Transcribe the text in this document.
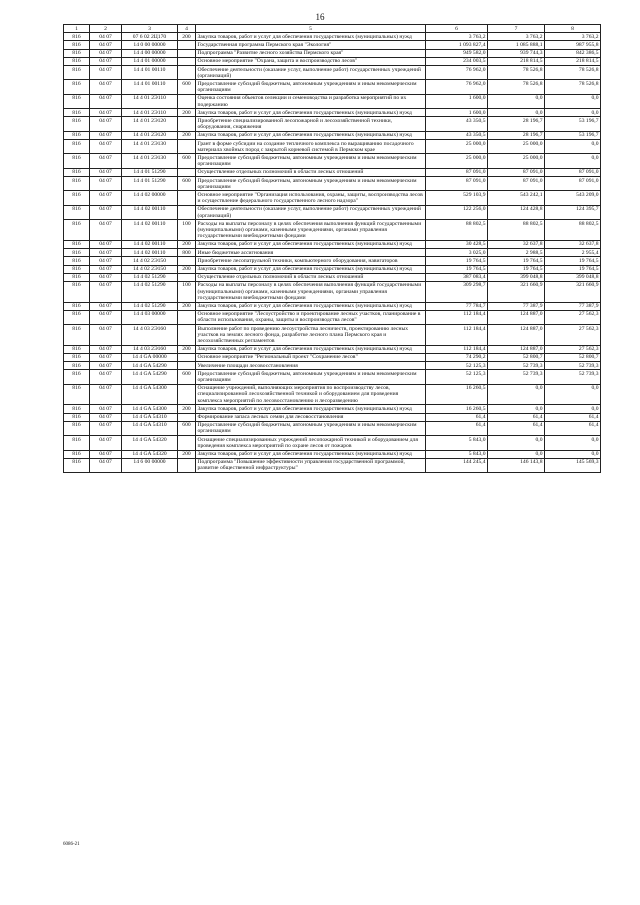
16
1	2	3	4	5	6	7	8
816	04 07	07 6 02 2Ц170	200	Закупка товаров, работ и услуг для обеспечения государственных (муниципальных) нужд	3 763,2	3 763,2	3 763,2
816	04 07	14 0 00 00000		Государственная программа Пермского края "Экология"	1 093 827,4	1 085 888,1	987 955,8
816	04 07	14 4 00 00000		Подпрограмма "Развитие лесного хозяйства Пермского края"	949 582,0	939 744,3	842 386,5
816	04 07	14 4 01 00000		Основное мероприятие "Охрана, защита и воспроизводство лесов"	234 003,5	218 814,5	218 814,5
816	04 07	14 4 01 00110		Обеспечение деятельности (оказание услуг, выполнение работ) государственных учреждений (организаций)	76 962,0	78 526,8	78 526,8
816	04 07	14 4 01 00110	600	Предоставление субсидий бюджетным, автономным учреждениям и иным некоммерческим организациям	76 962,0	78 526,8	78 526,8
816	04 07	14 4 01 2Э110		Оценка состояния объектов селекции и семеноводства и разработка мероприятий по их подержанию	1 600,0	0,0	0,0
816	04 07	14 4 01 2Э110	200	Закупка товаров, работ и услуг для обеспечения государственных (муниципальных) нужд	1 600,0	0,0	0,0
816	04 07	14 4 01 2Э120		Приобретение специализированной лесопожарной и лесохозяйственной техники, оборудования, снаряжения	43 350,5	28 196,7	53 196,7
816	04 07	14 4 01 2Э120	200	Закупка товаров, работ и услуг для обеспечения государственных (муниципальных) нужд	43 350,5	28 196,7	53 196,7
816	04 07	14 4 01 2Э130		Грант в форме субсидии на создание тепличного комплекса по выращиванию посадочного материала хвойных пород с закрытой корневой системой в Пермском крае	25 000,0	25 000,0	0,0
816	04 07	14 4 01 2Э130	600	Предоставление субсидий бюджетным, автономным учреждениям и иным некоммерческим организациям	25 000,0	25 000,0	0,0
816	04 07	14 4 01 51290		Осуществление отдельных полномочий в области лесных отношений	87 091,0	87 091,0	87 091,0
816	04 07	14 4 01 51290	600	Предоставление субсидий бюджетным, автономным учреждениям и иным некоммерческим организациям	87 091,0	87 091,0	87 091,0
816	04 07	14 4 02 00000		Основное мероприятие "Организация использования, охраны, защиты, воспроизводства лесов и осуществление федерального государственного лесного надзора"	529 103,9	543 242,1	543 209,0
816	04 07	14 4 02 00110		Обеспечение деятельности (оказание услуг, выполнение работ) государственных учреждений (организаций)	122 256,0	124 428,8	124 395,7
816	04 07	14 4 02 00110	100	Расходы на выплаты персоналу в целях обеспечения выполнения функций государственными (муниципальными) органами, казенными учреждениями, органами управления государственными внебюджетными фондами	88 802,5	88 802,5	88 802,5
816	04 07	14 4 02 00110	200	Закупка товаров, работ и услуг для обеспечения государственных (муниципальных) нужд	30 428,5	32 637,8	32 637,8
816	04 07	14 4 02 00110	800	Иные бюджетные ассигнования	3 025,0	2 988,5	2 955,4
816	04 07	14 4 02 2Э150		Приобретение лесопатрульной техники, компьютерного оборудования, навигаторов	19 764,5	19 764,5	19 764,5
816	04 07	14 4 02 2Э150	200	Закупка товаров, работ и услуг для обеспечения государственных (муниципальных) нужд	19 764,5	19 764,5	19 764,5
816	04 07	14 4 02 51290		Осуществление отдельных полномочий в области лесных отношений	387 083,4	399 048,8	399 048,8
816	04 07	14 4 02 51290	100	Расходы на выплаты персоналу в целях обеспечения выполнения функций государственными (муниципальными) органами, казенными учреждениями, органами управления государственными внебюджетными фондами	309 298,7	321 660,9	321 660,9
816	04 07	14 4 02 51290	200	Закупка товаров, работ и услуг для обеспечения государственных (муниципальных) нужд	77 784,7	77 387,9	77 387,9
816	04 07	14 4 03 00000		Основное мероприятие "Лесоустройство и проектирование лесных участков, планирование в области использования, охраны, защиты и воспроизводства лесов"	112 184,4	124 887,0	27 562,3
816	04 07	14 4 03 2Э160		Выполнение работ по проведению лесоустройства лесничеств, проектированию лесных участков на землях лесного фонда, разработке лесного плана Пермского края и лесохозяйственных регламентов	112 184,4	124 887,0	27 562,3
816	04 07	14 4 03 2Э160	200	Закупка товаров, работ и услуг для обеспечения государственных (муниципальных) нужд	112 184,4	124 887,0	27 562,3
816	04 07	14 4 GA 00000		Основное мероприятие "Региональный проект "Сохранение лесов"	74 290,2	52 800,7	52 800,7
816	04 07	14 4 GA 54290		Увеличение площади лесовосстановления	52 125,3	52 739,3	52 739,3
816	04 07	14 4 GA 54290	600	Предоставление субсидий бюджетным, автономным учреждениям и иным некоммерческим организациям	52 125,3	52 739,3	52 739,3
816	04 07	14 4 GA 54300		Оснащение учреждений, выполняющих мероприятия по воспроизводству лесов, специализированной лесохозяйственной техникой и оборудованием для проведения комплекса мероприятий по лесовосстановлению и лесоразведению	16 260,5	0,0	0,0
816	04 07	14 4 GA 54300	200	Закупка товаров, работ и услуг для обеспечения государственных (муниципальных) нужд	16 260,5	0,0	0,0
816	04 07	14 4 GA 54310		Формирование запаса лесных семян для лесовосстановления	61,4	61,4	61,4
816	04 07	14 4 GA 54310	600	Предоставление субсидий бюджетным, автономным учреждениям и иным некоммерческим организациям	61,4	61,4	61,4
816	04 07	14 4 GA 54320		Оснащение специализированных учреждений лесопожарной техникой и оборудованием для проведения комплекса мероприятий по охране лесов от пожаров	5 843,0	0,0	0,0
816	04 07	14 4 GA 54320	200	Закупка товаров, работ и услуг для обеспечения государственных (муниципальных) нужд	5 843,0	0,0	0,0
816	04 07	14 6 00 00000		Подпрограмма "Повышение эффективности управления государственной программой, развитие общественной инфраструктуры"	144 245,4	146 143,8	145 569,3
6086-21
